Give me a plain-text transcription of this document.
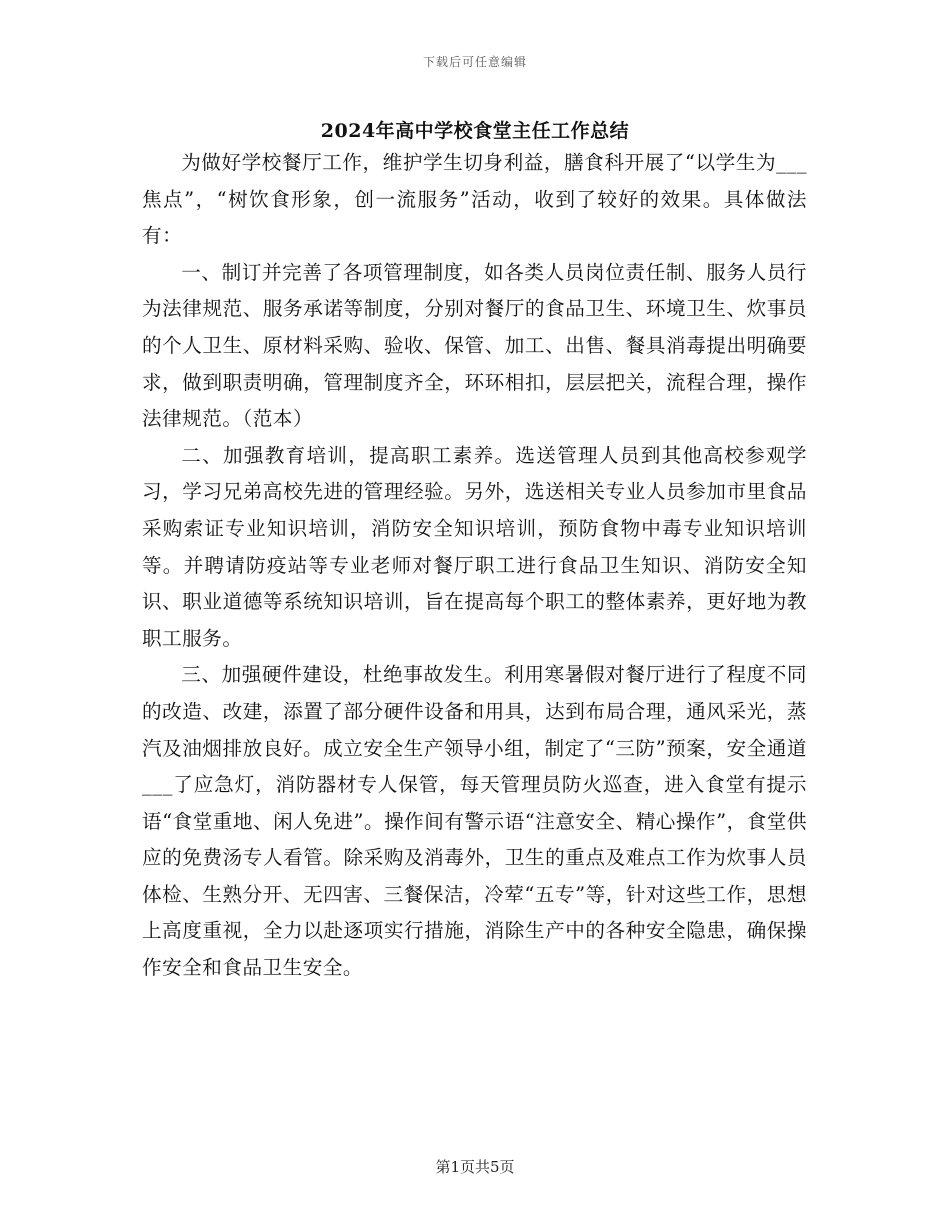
下载后可任意编辑
2024年高中学校食堂主任工作总结

为做好学校餐厅工作，维护学生切身利益，膳食科开展了“以学生为___焦点”，“树饮食形象，创一流服务”活动，收到了较好的效果。具体做法有：

一、制订并完善了各项管理制度，如各类人员岗位责任制、服务人员行为法律规范、服务承诺等制度，分别对餐厅的食品卫生、环境卫生、炊事员的个人卫生、原材料采购、验收、保管、加工、出售、餐具消毒提出明确要求，做到职责明确，管理制度齐全，环环相扣，层层把关，流程合理，操作法律规范。（范本）

二、加强教育培训，提高职工素养。选送管理人员到其他高校参观学习，学习兄弟高校先进的管理经验。另外，选送相关专业人员参加市里食品采购索证专业知识培训，消防安全知识培训，预防食物中毒专业知识培训等。并聘请防疫站等专业老师对餐厅职工进行食品卫生知识、消防安全知识、职业道德等系统知识培训，旨在提高每个职工的整体素养，更好地为教职工服务。

三、加强硬件建设，杜绝事故发生。利用寒暑假对餐厅进行了程度不同的改造、改建，添置了部分硬件设备和用具，达到布局合理，通风采光，蒸汽及油烟排放良好。成立安全生产领导小组，制定了“三防”预案，安全通道___了应急灯，消防器材专人保管，每天管理员防火巡查，进入食堂有提示语“食堂重地、闲人免进”。操作间有警示语“注意安全、精心操作”，食堂供应的免费汤专人看管。除采购及消毒外，卫生的重点及难点工作为炊事人员体检、生熟分开、无四害、三餐保洁，冷荤“五专”等，针对这些工作，思想上高度重视，全力以赴逐项实行措施，消除生产中的各种安全隐患，确保操作安全和食品卫生安全。

第1页共5页
